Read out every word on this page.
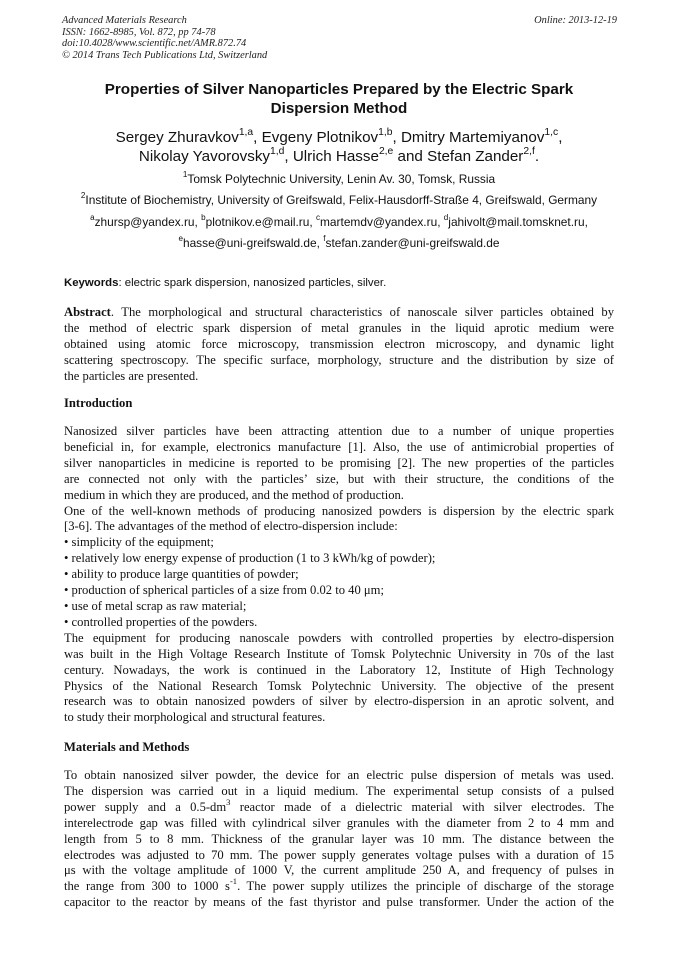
Advanced Materials Research
ISSN: 1662-8985, Vol. 872, pp 74-78
doi:10.4028/www.scientific.net/AMR.872.74
© 2014 Trans Tech Publications Ltd, Switzerland
Online: 2013-12-19
Properties of Silver Nanoparticles Prepared by the Electric Spark
Dispersion Method
Sergey Zhuravkov$^{1,a}$, Evgeny Plotnikov$^{1,b}$, Dmitry Martemiyanov$^{1,c}$,
Nikolay Yavorovsky$^{1,d}$, Ulrich Hasse$^{2,e}$ and Stefan Zander$^{2,f}$.
$^1$Tomsk Polytechnic University, Lenin Av. 30, Tomsk, Russia
$^2$Institute of Biochemistry, University of Greifswald, Felix-Hausdorff-Straße 4, Greifswald, Germany
$^a$zhursp@yandex.ru, $^b$plotnikov.e@mail.ru, $^c$martemdv@yandex.ru, $^d$jahivolt@mail.tomsknet.ru,
$^e$hasse@uni-greifswald.de, $^f$stefan.zander@uni-greifswald.de
Keywords: electric spark dispersion, nanosized particles, silver.
Abstract. The morphological and structural characteristics of nanoscale silver particles obtained by
the method of electric spark dispersion of metal granules in the liquid aprotic medium were
obtained using atomic force microscopy, transmission electron microscopy, and dynamic light
scattering spectroscopy. The specific surface, morphology, structure and the distribution by size of
the particles are presented.
Introduction
Nanosized silver particles have been attracting attention due to a number of unique properties
beneficial in, for example, electronics manufacture [1]. Also, the use of antimicrobial properties of
silver nanoparticles in medicine is reported to be promising [2]. The new properties of the particles
are connected not only with the particles’ size, but with their structure, the conditions of the
medium in which they are produced, and the method of production.
One of the well-known methods of producing nanosized powders is dispersion by the electric spark
[3-6]. The advantages of the method of electro-dispersion include:
• simplicity of the equipment;
• relatively low energy expense of production (1 to 3 kWh/kg of powder);
• ability to produce large quantities of powder;
• production of spherical particles of a size from 0.02 to 40 μm;
• use of metal scrap as raw material;
• controlled properties of the powders.
The equipment for producing nanoscale powders with controlled properties by electro-dispersion
was built in the High Voltage Research Institute of Tomsk Polytechnic University in 70s of the last
century. Nowadays, the work is continued in the Laboratory 12, Institute of High Technology
Physics of the National Research Tomsk Polytechnic University. The objective of the present
research was to obtain nanosized powders of silver by electro-dispersion in an aprotic solvent, and
to study their morphological and structural features.
Materials and Methods
To obtain nanosized silver powder, the device for an electric pulse dispersion of metals was used.
The dispersion was carried out in a liquid medium. The experimental setup consists of a pulsed
power supply and a $0.5-dm^3$ reactor made of a dielectric material with silver electrodes. The
interelectrode gap was filled with cylindrical silver granules with the diameter from 2 to 4 mm and
length from 5 to 8 mm. Thickness of the granular layer was 10 mm. The distance between the
electrodes was adjusted to 70 mm. The power supply generates voltage pulses with a duration of 15
μs with the voltage amplitude of 1000 V, the current amplitude 250 A, and frequency of pulses in
the range from 300 to 1000 $s^{-1}$. The power supply utilizes the principle of discharge of the storage
capacitor to the reactor by means of the fast thyristor and pulse transformer. Under the action of the
